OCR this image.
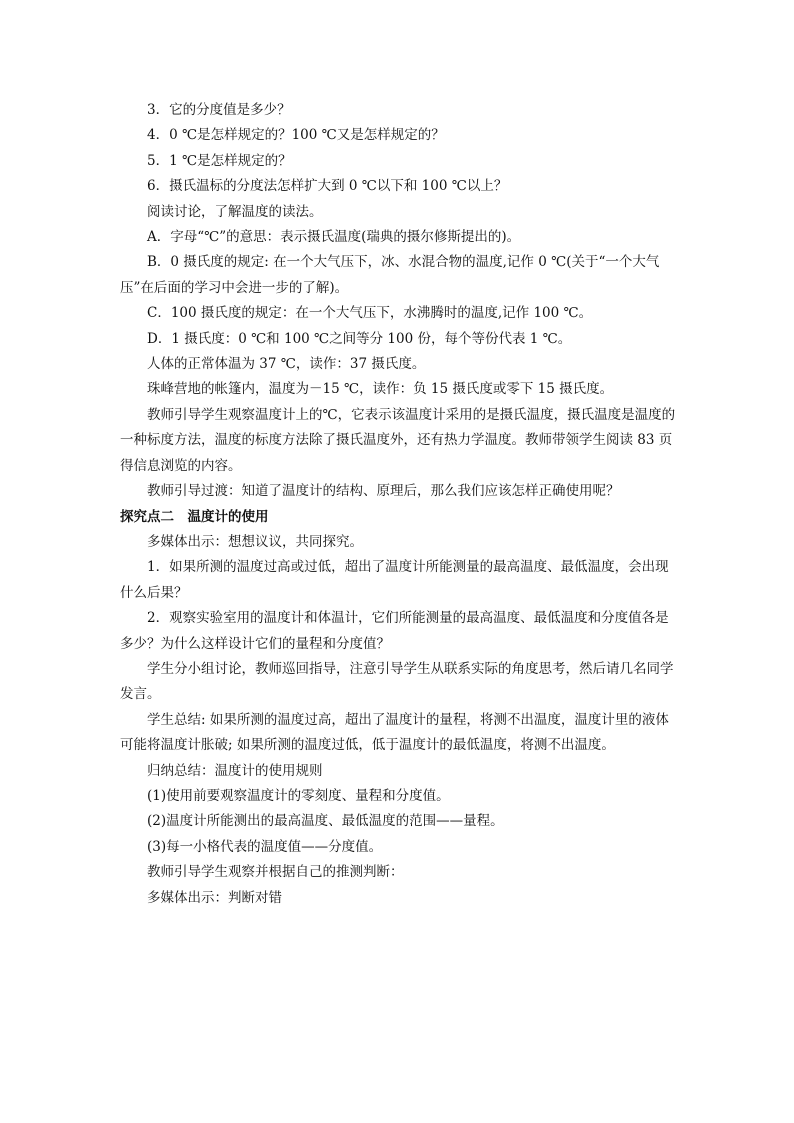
3．它的分度值是多少？

4．0 ℃是怎样规定的？100 ℃又是怎样规定的？

5．1 ℃是怎样规定的？

6．摄氏温标的分度法怎样扩大到 0 ℃以下和 100 ℃以上？

阅读讨论，了解温度的读法。

A．字母“℃”的意思：表示摄氏温度(瑞典的摄尔修斯提出的)。

B．0 摄氏度的规定: 在一个大气压下，冰、水混合物的温度,记作 0 ℃(关于“一个大气压”在后面的学习中会进一步的了解)。

C．100 摄氏度的规定：在一个大气压下，水沸腾时的温度,记作 100 ℃。

D．1 摄氏度：0 ℃和 100 ℃之间等分 100 份，每个等份代表 1 ℃。

人体的正常体温为 37 ℃，读作：37 摄氏度。

珠峰营地的帐篷内，温度为－15 ℃，读作：负 15 摄氏度或零下 15 摄氏度。

教师引导学生观察温度计上的℃，它表示该温度计采用的是摄氏温度，摄氏温度是温度的一种标度方法，温度的标度方法除了摄氏温度外，还有热力学温度。教师带领学生阅读 83 页得信息浏览的内容。

教师引导过渡：知道了温度计的结构、原理后，那么我们应该怎样正确使用呢？

探究点二　温度计的使用

多媒体出示：想想议议，共同探究。

1．如果所测的温度过高或过低，超出了温度计所能测量的最高温度、最低温度，会出现什么后果？

2．观察实验室用的温度计和体温计，它们所能测量的最高温度、最低温度和分度值各是多少？为什么这样设计它们的量程和分度值？

学生分小组讨论，教师巡回指导，注意引导学生从联系实际的角度思考，然后请几名同学发言。

学生总结: 如果所测的温度过高，超出了温度计的量程，将测不出温度，温度计里的液体可能将温度计胀破; 如果所测的温度过低，低于温度计的最低温度，将测不出温度。

归纳总结：温度计的使用规则

(1)使用前要观察温度计的零刻度、量程和分度值。

(2)温度计所能测出的最高温度、最低温度的范围——量程。

(3)每一小格代表的温度值——分度值。

教师引导学生观察并根据自己的推测判断：

多媒体出示：判断对错
